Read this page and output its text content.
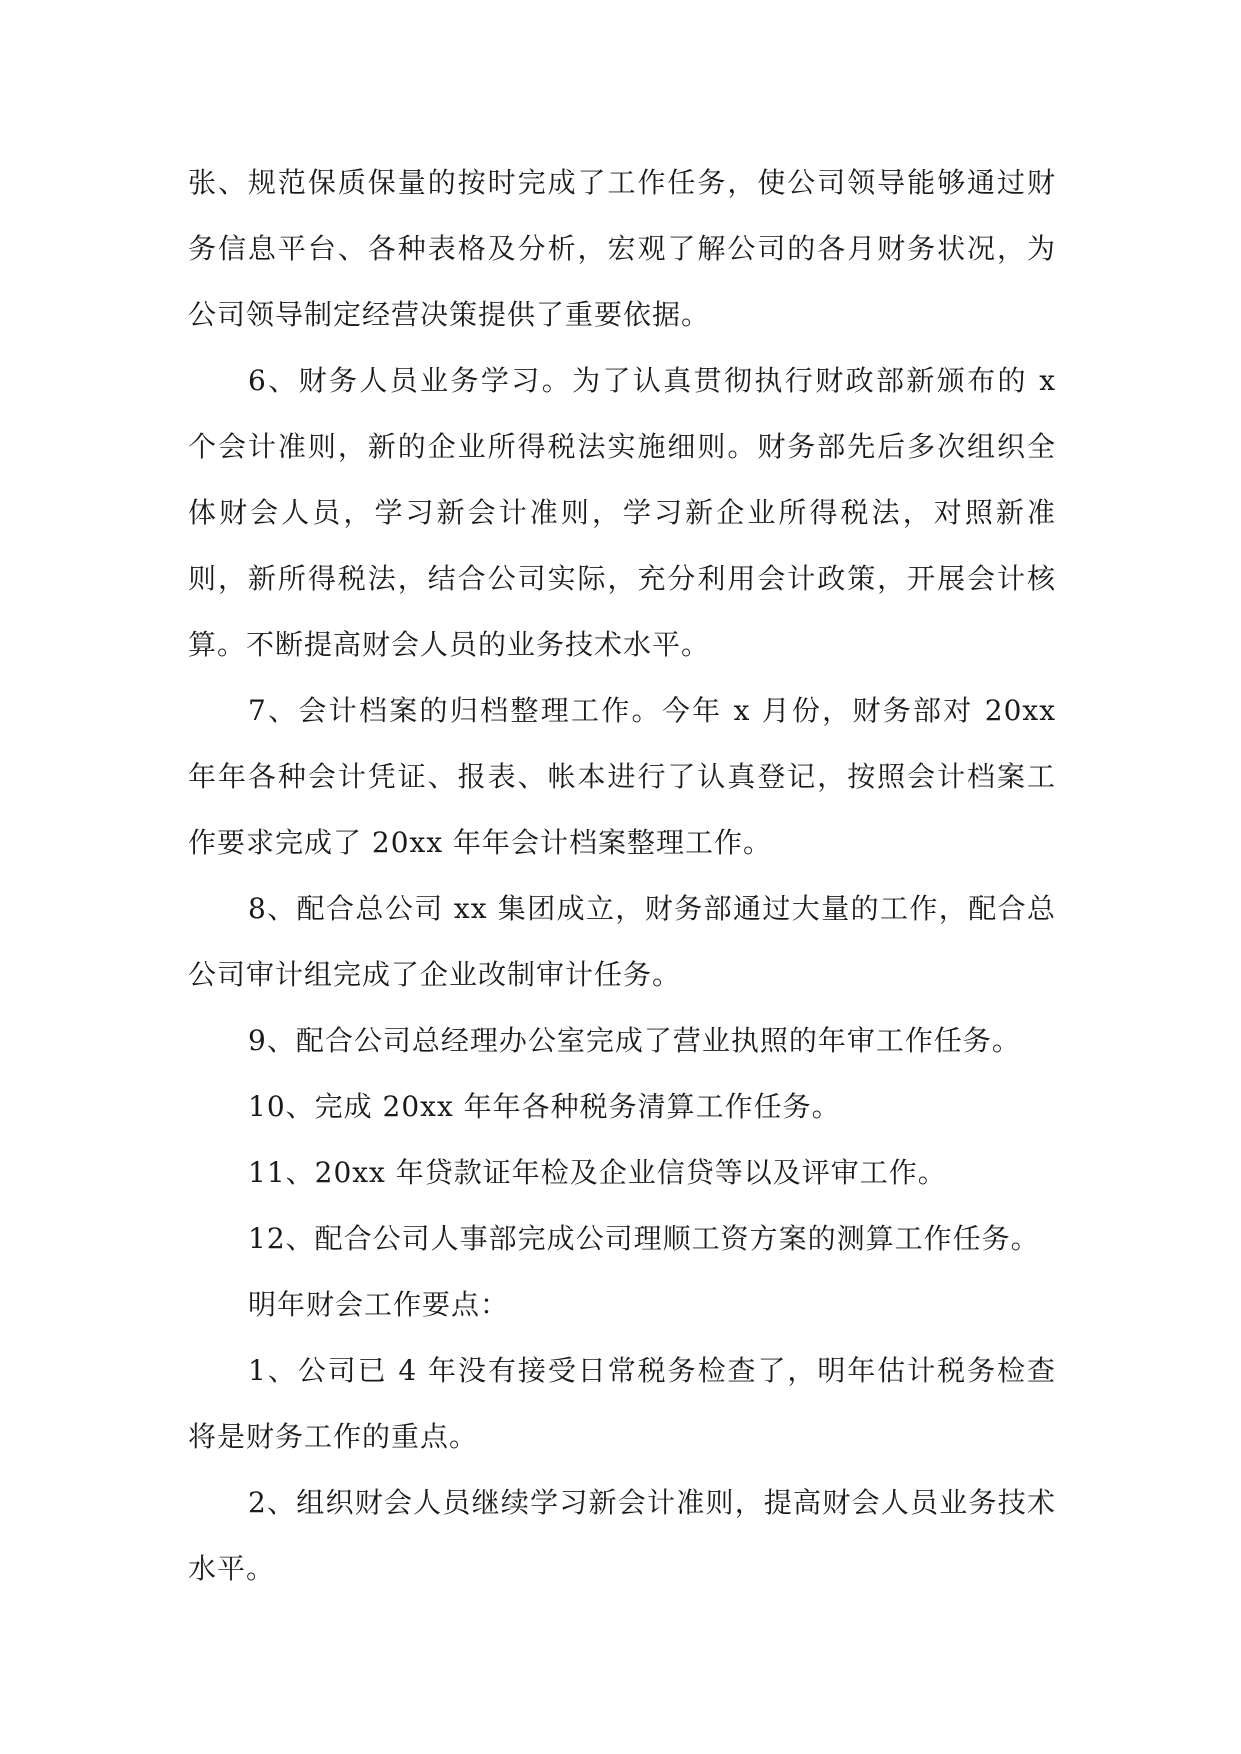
张、规范保质保量的按时完成了工作任务，使公司领导能够通过财务信息平台、各种表格及分析，宏观了解公司的各月财务状况，为公司领导制定经营决策提供了重要依据。

6、财务人员业务学习。为了认真贯彻执行财政部新颁布的 x 个会计准则，新的企业所得税法实施细则。财务部先后多次组织全体财会人员，学习新会计准则，学习新企业所得税法，对照新准则，新所得税法，结合公司实际，充分利用会计政策，开展会计核算。不断提高财会人员的业务技术水平。

7、会计档案的归档整理工作。今年 x 月份，财务部对 20xx 年年各种会计凭证、报表、帐本进行了认真登记，按照会计档案工作要求完成了 20xx 年年会计档案整理工作。

8、配合总公司 xx 集团成立，财务部通过大量的工作，配合总公司审计组完成了企业改制审计任务。

9、配合公司总经理办公室完成了营业执照的年审工作任务。

10、完成 20xx 年年各种税务清算工作任务。

11、20xx 年贷款证年检及企业信贷等以及评审工作。

12、配合公司人事部完成公司理顺工资方案的测算工作任务。

明年财会工作要点：

1、公司已 4 年没有接受日常税务检查了，明年估计税务检查将是财务工作的重点。

2、组织财会人员继续学习新会计准则，提高财会人员业务技术水平。
